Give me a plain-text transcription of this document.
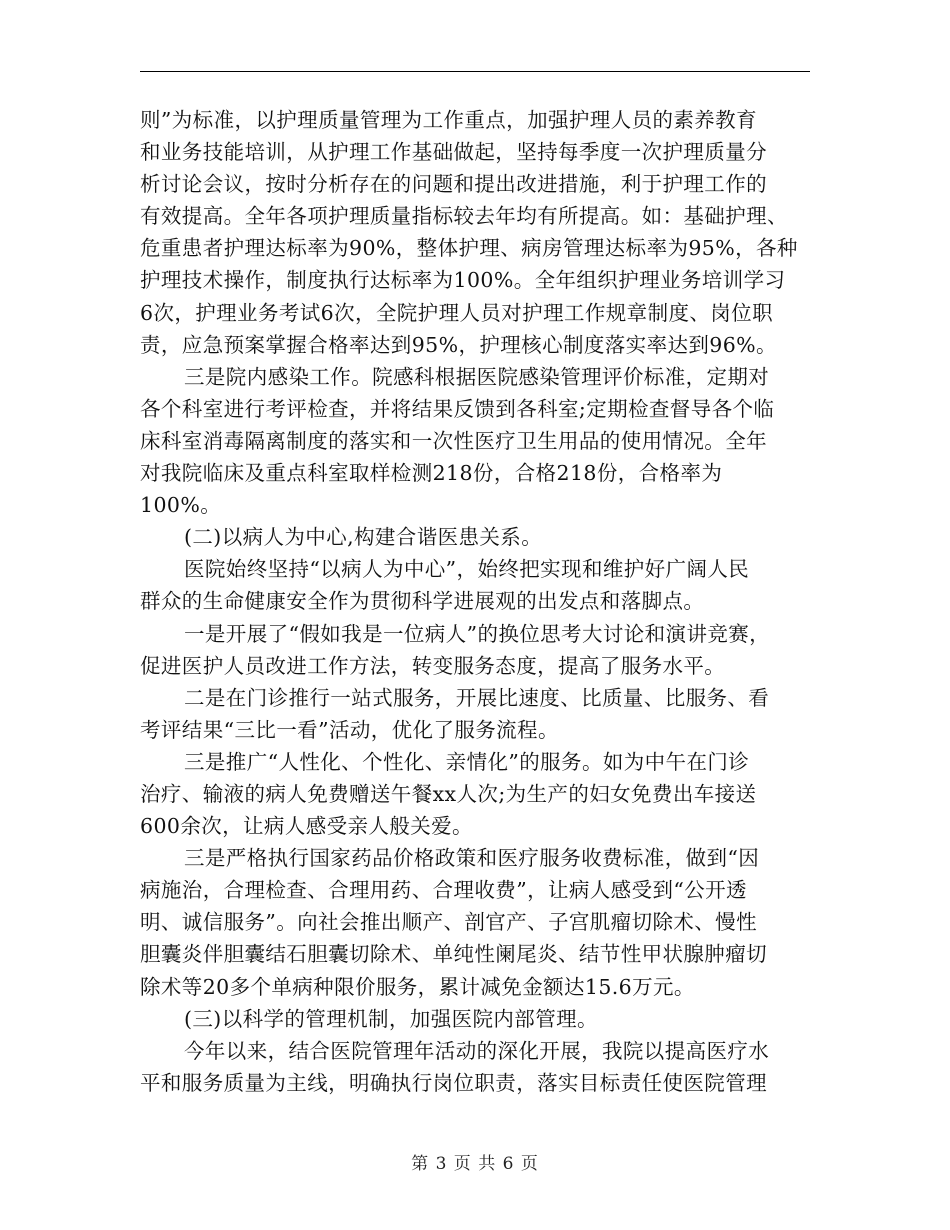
则”为标准，以护理质量管理为工作重点，加强护理人员的素养教育
和业务技能培训，从护理工作基础做起，坚持每季度一次护理质量分
析讨论会议，按时分析存在的问题和提出改进措施，利于护理工作的
有效提高。全年各项护理质量指标较去年均有所提高。如：基础护理、
危重患者护理达标率为90%，整体护理、病房管理达标率为95%，各种
护理技术操作，制度执行达标率为100%。全年组织护理业务培训学习
6次，护理业务考试6次，全院护理人员对护理工作规章制度、岗位职
责，应急预案掌握合格率达到95%，护理核心制度落实率达到96%。
三是院内感染工作。院感科根据医院感染管理评价标准，定期对
各个科室进行考评检查，并将结果反馈到各科室;定期检查督导各个临
床科室消毒隔离制度的落实和一次性医疗卫生用品的使用情况。全年
对我院临床及重点科室取样检测218份，合格218份，合格率为
100%。
(二)以病人为中心,构建合谐医患关系。
医院始终坚持“以病人为中心”，始终把实现和维护好广阔人民
群众的生命健康安全作为贯彻科学进展观的出发点和落脚点。
一是开展了“假如我是一位病人”的换位思考大讨论和演讲竞赛，
促进医护人员改进工作方法，转变服务态度，提高了服务水平。
二是在门诊推行一站式服务，开展比速度、比质量、比服务、看
考评结果“三比一看”活动，优化了服务流程。
三是推广“人性化、个性化、亲情化”的服务。如为中午在门诊
治疗、输液的病人免费赠送午餐xx人次;为生产的妇女免费出车接送
600余次，让病人感受亲人般关爱。
三是严格执行国家药品价格政策和医疗服务收费标准，做到“因
病施治，合理检查、合理用药、合理收费”，让病人感受到“公开透
明、诚信服务”。向社会推出顺产、剖官产、子宫肌瘤切除术、慢性
胆囊炎伴胆囊结石胆囊切除术、单纯性阑尾炎、结节性甲状腺肿瘤切
除术等20多个单病种限价服务，累计减免金额达15.6万元。
(三)以科学的管理机制，加强医院内部管理。
今年以来，结合医院管理年活动的深化开展，我院以提高医疗水
平和服务质量为主线，明确执行岗位职责，落实目标责任使医院管理
第 3 页 共 6 页
